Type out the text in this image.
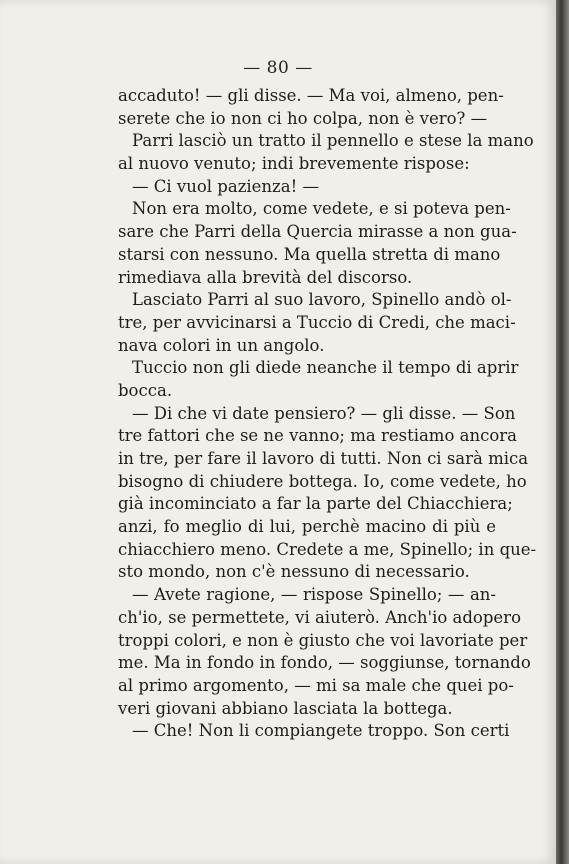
— 80 —
accaduto! — gli disse. — Ma voi, almeno, pen-
serete che io non ci ho colpa, non è vero? —
Parri lasciò un tratto il pennello e stese la mano
al nuovo venuto; indi brevemente rispose:
— Ci vuol pazienza! —
Non era molto, come vedete, e si poteva pen-
sare che Parri della Quercia mirasse a non gua-
starsi con nessuno. Ma quella stretta di mano
rimediava alla brevità del discorso.
Lasciato Parri al suo lavoro, Spinello andò ol-
tre, per avvicinarsi a Tuccio di Credi, che maci-
nava colori in un angolo.
Tuccio non gli diede neanche il tempo di aprir
bocca.
— Di che vi date pensiero? — gli disse. — Son
tre fattori che se ne vanno; ma restiamo ancora
in tre, per fare il lavoro di tutti. Non ci sarà mica
bisogno di chiudere bottega. Io, come vedete, ho
già incominciato a far la parte del Chiacchiera;
anzi, fo meglio di lui, perchè macino di più e
chiacchiero meno. Credete a me, Spinello; in que-
sto mondo, non c'è nessuno di necessario.
— Avete ragione, — rispose Spinello; — an-
ch'io, se permettete, vi aiuterò. Anch'io adopero
troppi colori, e non è giusto che voi lavoriate per
me. Ma in fondo in fondo, — soggiunse, tornando
al primo argomento, — mi sa male che quei po-
veri giovani abbiano lasciata la bottega.
— Che! Non li compiangete troppo. Son certi
